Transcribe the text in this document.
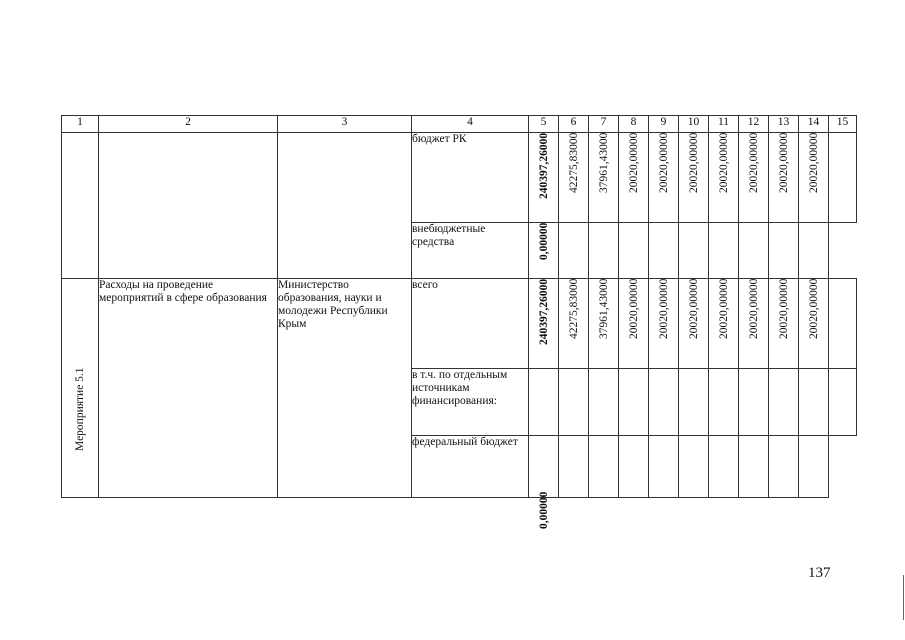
1	2	3	4	5	6	7	8	9	10	11	12	13	14	15
			бюджет РК	240397,26000	42275,83000	37961,43000	20020,00000	20020,00000	20020,00000	20020,00000	20020,00000	20020,00000	20020,00000	

			внебюджетные средства	0,00000										

Мероприятие 5.1	Расходы на проведение мероприятий в сфере образования	Министерство образования, науки и молодежи Республики Крым	всего	240397,26000	42275,83000	37961,43000	20020,00000	20020,00000	20020,00000	20020,00000	20020,00000	20020,00000	20020,00000	

			в т.ч. по отдельным источникам финансирования:											
			федеральный бюджет	0,00000										

137
